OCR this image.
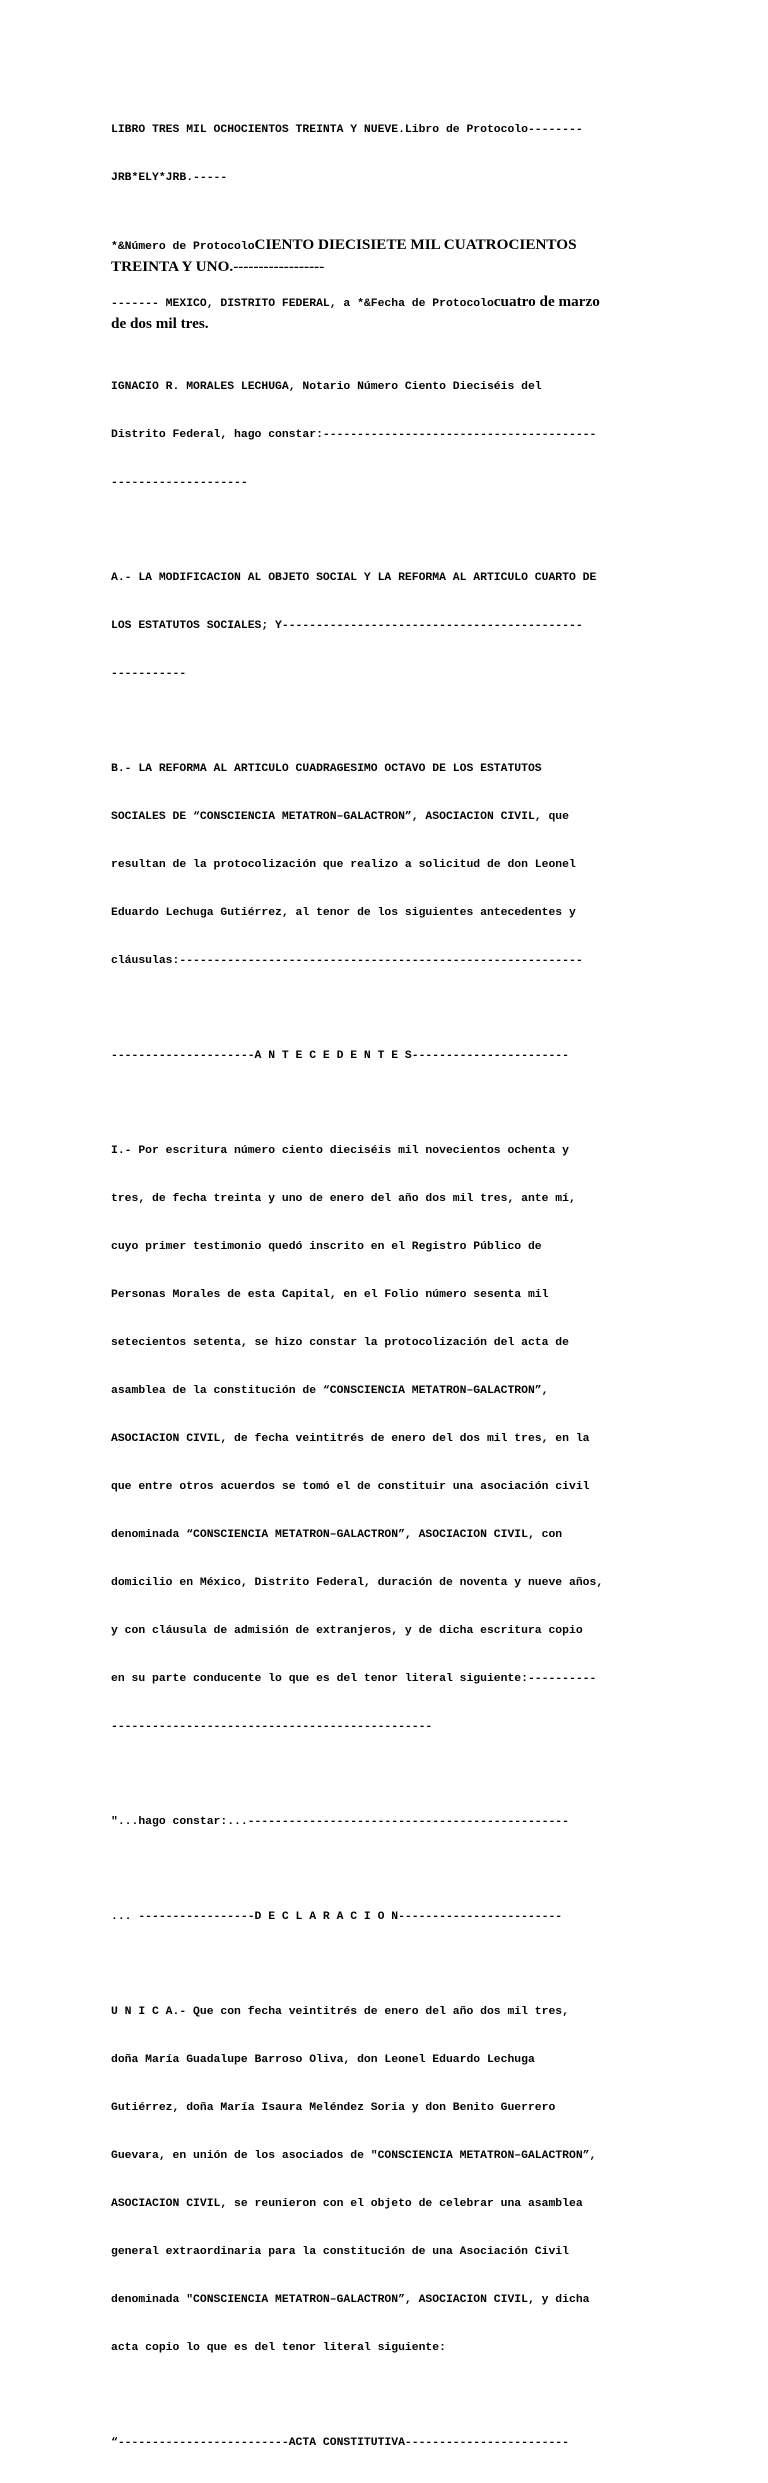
LIBRO TRES MIL OCHOCIENTOS TREINTA Y NUEVE.Libro de Protocolo--------

JRB*ELY*JRB.-----

*&Número de ProtocoloCIENTO DIECISIETE MIL CUATROCIENTOS
TREINTA Y UNO.------------------
------- MEXICO, DISTRITO FEDERAL, a *&Fecha de Protocolocuatro de marzo
de dos mil tres.

IGNACIO R. MORALES LECHUGA, Notario Número Ciento Dieciséis del

Distrito Federal, hago constar:----------------------------------------

--------------------

A.- LA MODIFICACION AL OBJETO SOCIAL Y LA REFORMA AL ARTICULO CUARTO DE

LOS ESTATUTOS SOCIALES; Y--------------------------------------------

-----------

B.- LA REFORMA AL ARTICULO CUADRAGESIMO OCTAVO DE LOS ESTATUTOS

SOCIALES DE “CONSCIENCIA METATRON–GALACTRON”, ASOCIACION CIVIL, que

resultan de la protocolización que realizo a solicitud de don Leonel

Eduardo Lechuga Gutiérrez, al tenor de los siguientes antecedentes y

cláusulas:-----------------------------------------------------------

---------------------A N T E C E D E N T E S-----------------------

I.- Por escritura número ciento dieciséis mil novecientos ochenta y

tres, de fecha treinta y uno de enero del año dos mil tres, ante mí,

cuyo primer testimonio quedó inscrito en el Registro Público de

Personas Morales de esta Capital, en el Folio número sesenta mil

setecientos setenta, se hizo constar la protocolización del acta de

asamblea de la constitución de “CONSCIENCIA METATRON–GALACTRON”,

ASOCIACION CIVIL, de fecha veintitrés de enero del dos mil tres, en la

que entre otros acuerdos se tomó el de constituir una asociación civil

denominada “CONSCIENCIA METATRON–GALACTRON”, ASOCIACION CIVIL, con

domicilio en México, Distrito Federal, duración de noventa y nueve años,

y con cláusula de admisión de extranjeros, y de dicha escritura copio

en su parte conducente lo que es del tenor literal siguiente:----------

-----------------------------------------------

"...hago constar:...-----------------------------------------------

... -----------------D E C L A R A C I O N------------------------

U N I C A.- Que con fecha veintitrés de enero del año dos mil tres,

doña María Guadalupe Barroso Oliva, don Leonel Eduardo Lechuga

Gutiérrez, doña María Isaura Meléndez Soria y don Benito Guerrero

Guevara, en unión de los asociados de "CONSCIENCIA METATRON–GALACTRON”,

ASOCIACION CIVIL, se reunieron con el objeto de celebrar una asamblea

general extraordinaria para la constitución de una Asociación Civil

denominada "CONSCIENCIA METATRON–GALACTRON”, ASOCIACION CIVIL, y dicha

acta copio lo que es del tenor literal siguiente:

“-------------------------ACTA CONSTITUTIVA------------------------
